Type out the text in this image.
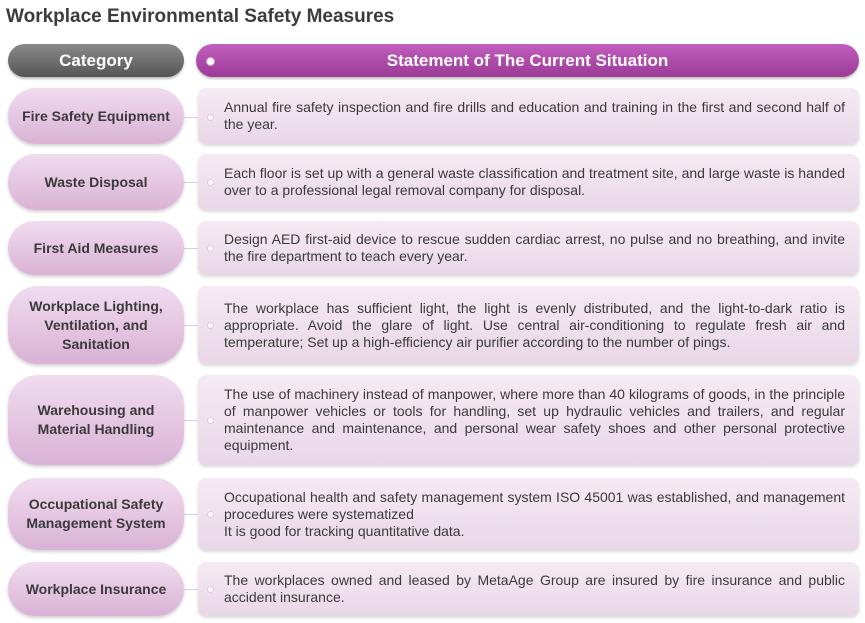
Workplace Environmental Safety Measures
Category	Statement of The Current Situation
Fire Safety Equipment
Annual fire safety inspection and fire drills and education and training in the first and second half of the year.
Waste Disposal
Each floor is set up with a general waste classification and treatment site, and large waste is handed over to a professional legal removal company for disposal.
First Aid Measures
Design AED first-aid device to rescue sudden cardiac arrest, no pulse and no breathing, and invite the fire department to teach every year.
Workplace Lighting, Ventilation, and Sanitation
The workplace has sufficient light, the light is evenly distributed, and the light-to-dark ratio is appropriate. Avoid the glare of light. Use central air-conditioning to regulate fresh air and temperature; Set up a high-efficiency air purifier according to the number of pings.
Warehousing and Material Handling
The use of machinery instead of manpower, where more than 40 kilograms of goods, in the principle of manpower vehicles or tools for handling, set up hydraulic vehicles and trailers, and regular maintenance and maintenance, and personal wear safety shoes and other personal protective equipment.
Occupational Safety Management System
Occupational health and safety management system ISO 45001 was established, and management procedures were systematized
It is good for tracking quantitative data.
Workplace Insurance
The workplaces owned and leased by MetaAge Group are insured by fire insurance and public accident insurance.
